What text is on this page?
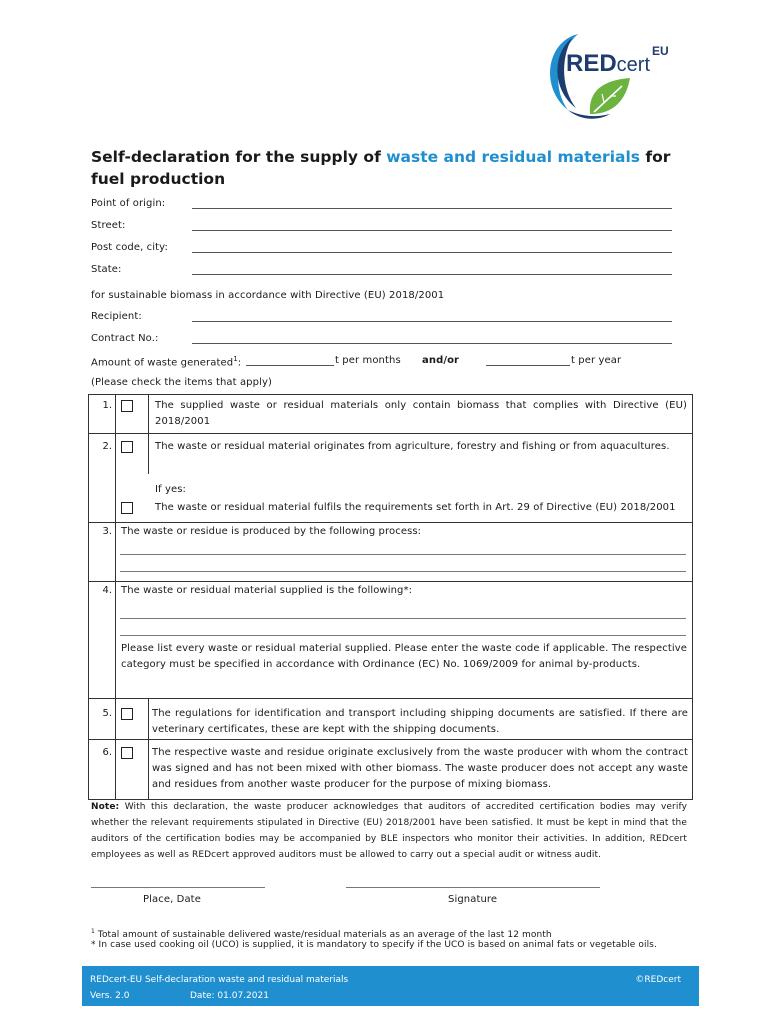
REDcert$^{EU}$
Self-declaration for the supply of waste and residual materials for fuel production
Point of origin:
Street:
Post code, city:
State:
for sustainable biomass in accordance with Directive (EU) 2018/2001
Recipient:
Contract No.:
Amount of waste generated$^1$:	t per months and/or	t per year
(Please check the items that apply)
1.	The supplied waste or residual materials only contain biomass that complies with Directive (EU) 2018/2001
2.	The waste or residual material originates from agriculture, forestry and fishing or from aquacultures.
If yes:
The waste or residual material fulfils the requirements set forth in Art. 29 of Directive (EU) 2018/2001
3. The waste or residue is produced by the following process:
4. The waste or residual material supplied is the following*:
Please list every waste or residual material supplied. Please enter the waste code if applicable. The respective category must be specified in accordance with Ordinance (EC) No. 1069/2009 for animal by-products.
5.	The regulations for identification and transport including shipping documents are satisfied. If there are veterinary certificates, these are kept with the shipping documents.
6.	The respective waste and residue originate exclusively from the waste producer with whom the contract was signed and has not been mixed with other biomass. The waste producer does not accept any waste and residues from another waste producer for the purpose of mixing biomass.
Note: With this declaration, the waste producer acknowledges that auditors of accredited certification bodies may verify whether the relevant requirements stipulated in Directive (EU) 2018/2001 have been satisfied. It must be kept in mind that the auditors of the certification bodies may be accompanied by BLE inspectors who monitor their activities. In addition, REDcert employees as well as REDcert approved auditors must be allowed to carry out a special audit or witness audit.
Place, Date	Signature
$^1$ Total amount of sustainable delivered waste/residual materials as an average of the last 12 month
* In case used cooking oil (UCO) is supplied, it is mandatory to specify if the UCO is based on animal fats or vegetable oils.
REDcert-EU Self-declaration waste and residual materials	©REDcert
Vers. 2.0	Date: 01.07.2021
